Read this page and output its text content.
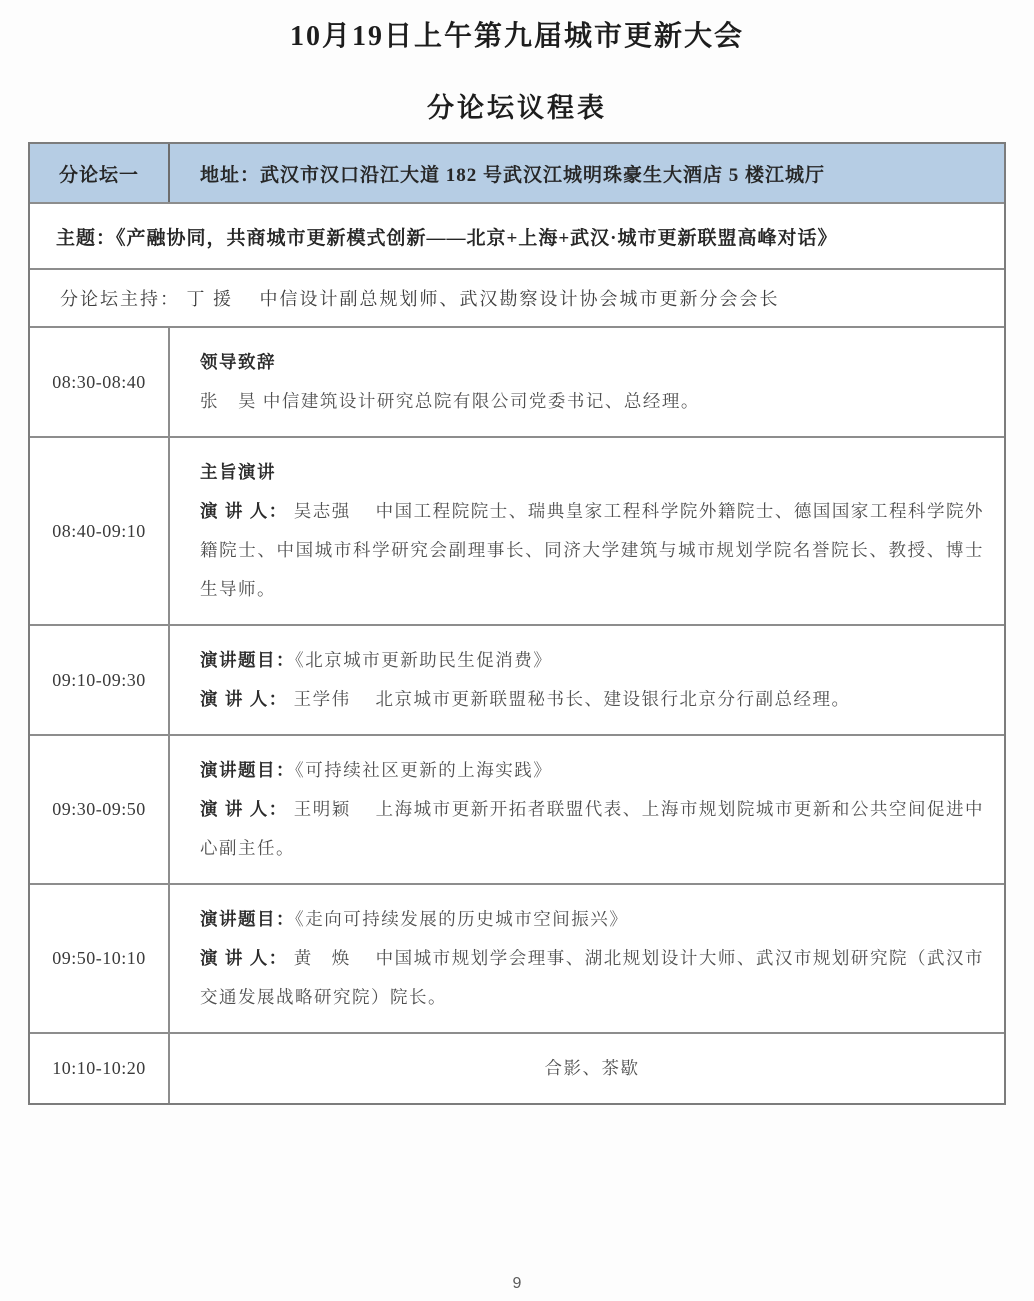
10月19日上午第九届城市更新大会
分论坛议程表
分论坛一	地址：武汉市汉口沿江大道 182 号武汉江城明珠豪生大酒店 5 楼江城厅
主题：《产融协同，共商城市更新模式创新——北京+上海+武汉·城市更新联盟高峰对话》
分论坛主持： 丁 援　 中信设计副总规划师、武汉勘察设计协会城市更新分会会长
08:30-08:40

领导致辞

张　昊 中信建筑设计研究总院有限公司党委书记、总经理。

08:40-09:10

主旨演讲

演 讲 人： 吴志强　 中国工程院院士、瑞典皇家工程科学院外籍院士、德国国家工程科学院外籍院士、中国城市科学研究会副理事长、同济大学建筑与城市规划学院名誉院长、教授、博士生导师。

09:10-09:30

演讲题目：《北京城市更新助民生促消费》

演 讲 人： 王学伟　 北京城市更新联盟秘书长、建设银行北京分行副总经理。

09:30-09:50

演讲题目：《可持续社区更新的上海实践》

演 讲 人： 王明颖　 上海城市更新开拓者联盟代表、上海市规划院城市更新和公共空间促进中心副主任。

09:50-10:10

演讲题目：《走向可持续发展的历史城市空间振兴》

演 讲 人： 黄　焕　 中国城市规划学会理事、湖北规划设计大师、武汉市规划研究院（武汉市交通发展战略研究院）院长。

10:10-10:20	合影、茶歇

9
